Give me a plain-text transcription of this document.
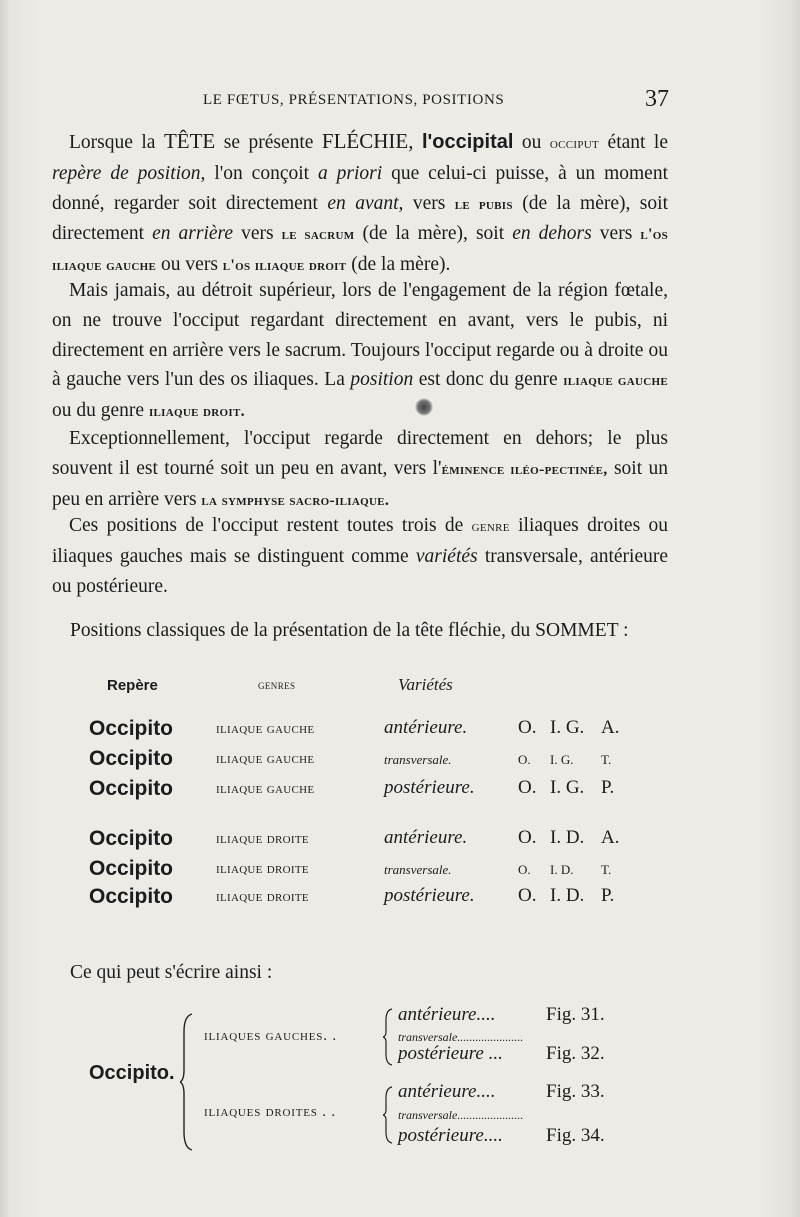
LE FŒTUS, PRÉSENTATIONS, POSITIONS	37

Lorsque la TÊTE se présente FLÉCHIE, l'occipital ou occiput étant le repère de position, l'on conçoit a priori que celui-ci puisse, à un moment donné, regarder soit directement en avant, vers le pubis (de la mère), soit directement en arrière vers le sacrum (de la mère), soit en dehors vers l'os iliaque gauche ou vers l'os iliaque droit (de la mère).

Mais jamais, au détroit supérieur, lors de l'engagement de la région fœtale, on ne trouve l'occiput regardant directement en avant, vers le pubis, ni directement en arrière vers le sacrum. Toujours l'occiput regarde ou à droite ou à gauche vers l'un des os iliaques. La position est donc du genre iliaque gauche ou du genre iliaque droit.

Exceptionnellement, l'occiput regarde directement en dehors; le plus souvent il est tourné soit un peu en avant, vers l'éminence iléo-pectinée, soit un peu en arrière vers la symphyse sacro-iliaque.

Ces positions de l'occiput restent toutes trois de genre iliaques droites ou iliaques gauches mais se distinguent comme variétés transversale, antérieure ou postérieure.

Positions classiques de la présentation de la tête fléchie, du SOMMET :
Repère	genres	Variétés
Occipito	iliaque gauche	antérieure.	O. I. G. A.
Occipito	iliaque gauche	transversale.	O. I. G. T.
Occipito	iliaque gauche	postérieure. O. I. G. P.
Occipito	iliaque droite	antérieure.	O. I. D. A.
Occipito	iliaque droite	transversale.	O. I. D. T.
Occipito	iliaque droite	postérieure. O. I. D. P.
Ce qui peut s'écrire ainsi :
Occipito.
iliaques gauches. .
antérieure....	Fig. 31.
transversale......................
postérieure ... Fig. 32.
iliaques droites . .
antérieure....	Fig. 33.
transversale......................
postérieure.... Fig. 34.
